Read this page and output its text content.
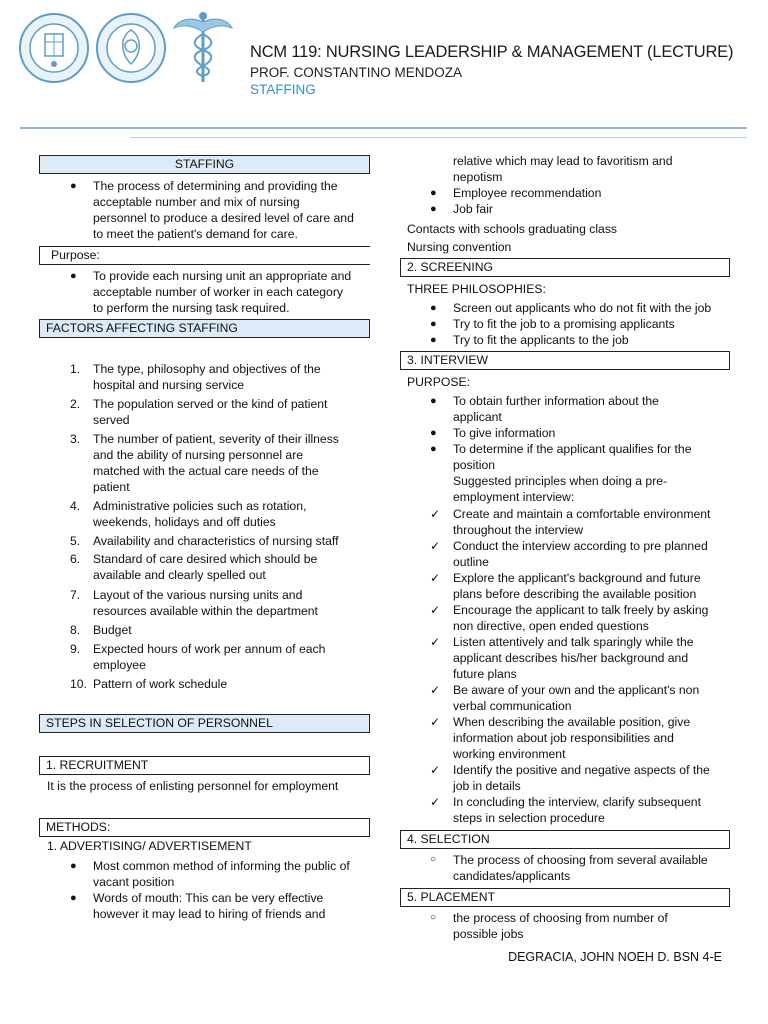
NCM 119: NURSING LEADERSHIP & MANAGEMENT (LECTURE)
PROF. CONSTANTINO MENDOZA
STAFFING
STAFFING
● The process of determining and providing the
acceptable number and mix of nursing
personnel to produce a desired level of care and
to meet the patient's demand for care.
Purpose:
● To provide each nursing unit an appropriate and
acceptable number of worker in each category
to perform the nursing task required.
FACTORS AFFECTING STAFFING
1. The type, philosophy and objectives of the
hospital and nursing service
2. The population served or the kind of patient
served
3. The number of patient, severity of their illness
and the ability of nursing personnel are
matched with the actual care needs of the
patient
4. Administrative policies such as rotation,
weekends, holidays and off duties
5. Availability and characteristics of nursing staff
6. Standard of care desired which should be
available and clearly spelled out
7. Layout of the various nursing units and
resources available within the department
8. Budget
9. Expected hours of work per annum of each
employee
10. Pattern of work schedule
STEPS IN SELECTION OF PERSONNEL
1. RECRUITMENT
It is the process of enlisting personnel for employment
METHODS:
1. ADVERTISING/ ADVERTISEMENT
● Most common method of informing the public of
vacant position
● Words of mouth: This can be very effective
however it may lead to hiring of friends and
relative which may lead to favoritism and
nepotism
● Employee recommendation
● Job fair
Contacts with schools graduating class
Nursing convention
2. SCREENING
THREE PHILOSOPHIES:
● Screen out applicants who do not fit with the job
● Try to fit the job to a promising applicants
● Try to fit the applicants to the job
3. INTERVIEW
PURPOSE:
● To obtain further information about the
applicant
● To give information
● To determine if the applicant qualifies for the
position
Suggested principles when doing a pre-
employment interview:
✓ Create and maintain a comfortable environment
throughout the interview
✓ Conduct the interview according to pre planned
outline
✓ Explore the applicant's background and future
plans before describing the available position
✓ Encourage the applicant to talk freely by asking
non directive, open ended questions
✓ Listen attentively and talk sparingly while the
applicant describes his/her background and
future plans
✓ Be aware of your own and the applicant's non
verbal communication
✓ When describing the available position, give
information about job responsibilities and
working environment
✓ Identify the positive and negative aspects of the
job in details
✓ In concluding the interview, clarify subsequent
steps in selection procedure
4. SELECTION
○ The process of choosing from several available
candidates/applicants
5. PLACEMENT
○ the process of choosing from number of
possible jobs
DEGRACIA, JOHN NOEH D. BSN 4-E
